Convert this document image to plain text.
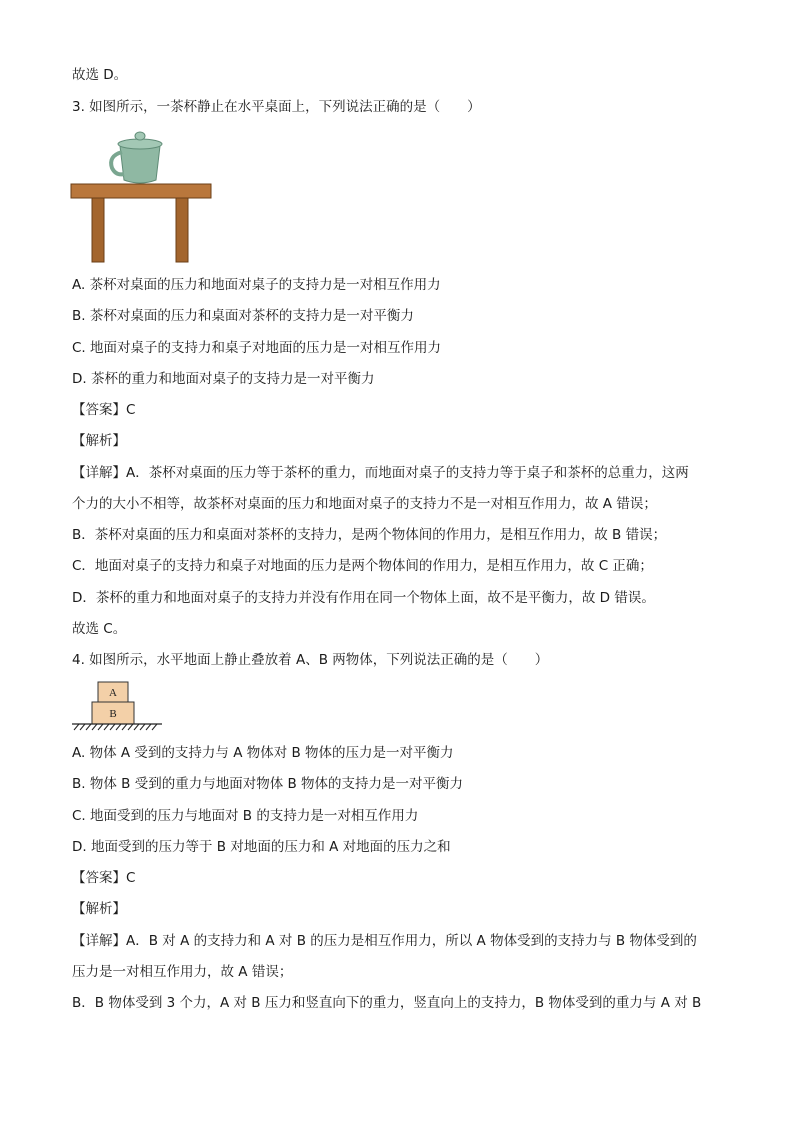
故选 D。
3. 如图所示，一茶杯静止在水平桌面上，下列说法正确的是（　　）
A. 茶杯对桌面的压力和地面对桌子的支持力是一对相互作用力
B. 茶杯对桌面的压力和桌面对茶杯的支持力是一对平衡力
C. 地面对桌子的支持力和桌子对地面的压力是一对相互作用力
D. 茶杯的重力和地面对桌子的支持力是一对平衡力
【答案】C
【解析】
【详解】A．茶杯对桌面的压力等于茶杯的重力，而地面对桌子的支持力等于桌子和茶杯的总重力，这两
个力的大小不相等，故茶杯对桌面的压力和地面对桌子的支持力不是一对相互作用力，故 A 错误；
B．茶杯对桌面的压力和桌面对茶杯的支持力，是两个物体间的作用力，是相互作用力，故 B 错误；
C．地面对桌子的支持力和桌子对地面的压力是两个物体间的作用力，是相互作用力，故 C 正确；
D．茶杯的重力和地面对桌子的支持力并没有作用在同一个物体上面，故不是平衡力，故 D 错误。
故选 C。
4. 如图所示，水平地面上静止叠放着 A、B 两物体，下列说法正确的是（　　）
A
B
A. 物体 A 受到的支持力与 A 物体对 B 物体的压力是一对平衡力
B. 物体 B 受到的重力与地面对物体 B 物体的支持力是一对平衡力
C. 地面受到的压力与地面对 B 的支持力是一对相互作用力
D. 地面受到的压力等于 B 对地面的压力和 A 对地面的压力之和
【答案】C
【解析】
【详解】A．B 对 A 的支持力和 A 对 B 的压力是相互作用力，所以 A 物体受到的支持力与 B 物体受到的
压力是一对相互作用力，故 A 错误；
B．B 物体受到 3 个力，A 对 B 压力和竖直向下的重力，竖直向上的支持力，B 物体受到的重力与 A 对 B
